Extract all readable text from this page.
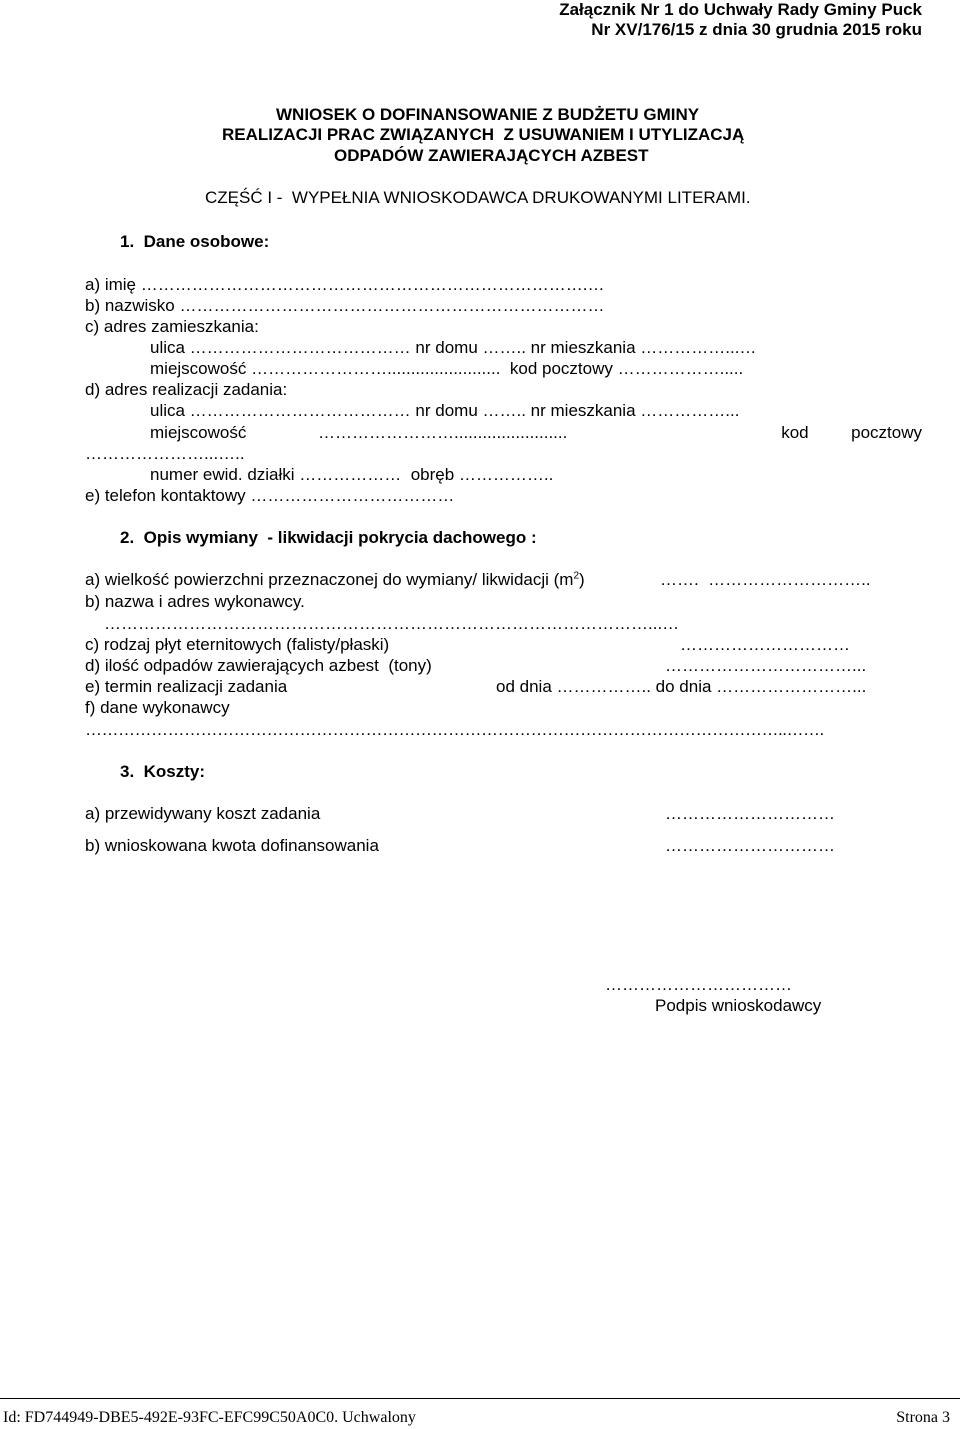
Załącznik Nr 1 do Uchwały Rady Gminy Puck
Nr XV/176/15 z dnia 30 grudnia 2015 roku
WNIOSEK O DOFINANSOWANIE Z BUDŻETU GMINY
REALIZACJI PRAC ZWIĄZANYCH  Z USUWANIEM I UTYLIZACJĄ
ODPADÓW ZAWIERAJĄCYCH AZBEST
CZĘŚĆ I -  WYPEŁNIA WNIOSKODAWCA DRUKOWANYMI LITERAMI.
1.  Dane osobowe:
a) imię …………………………………………………………………….…
b) nazwisko …………………………………………………………………
c) adres zamieszkania:
ulica ………………………………… nr domu …….. nr mieszkania ……………...…
miejscowość ……………………........................  kod pocztowy ……………….....
d) adres realizacji zadania:
ulica ………………………………… nr domu …….. nr mieszkania ……………...
miejscowość	……………………........................	kod         pocztowy
…………………...…..
numer ewid. działki ………………  obręb ……………..
e) telefon kontaktowy ………………………………
2.  Opis wymiany  - likwidacji pokrycia dachowego :
a) wielkość powierzchni przeznaczonej do wymiany/ likwidacji $(m^2)$	…….  ………………………..
b) nazwa i adres wykonawcy.
……………………………………………………………………………………...…
c) rodzaj płyt eternitowych (falisty/płaski)	…………………………
d) ilość odpadów zawierających azbest  (tony)	……………………………...
e) termin realizacji zadania	od dnia …………….. do dnia ……………………...
f) dane wykonawcy
………………………………………………………………………………………………………………..…….
3.  Koszty:
a) przewidywany koszt zadania	…………………………
b) wnioskowana kwota dofinansowania	…………………………
……………………………
Podpis wnioskodawcy
Id: FD744949-DBE5-492E-93FC-EFC99C50A0C0. Uchwalony	Strona 3
